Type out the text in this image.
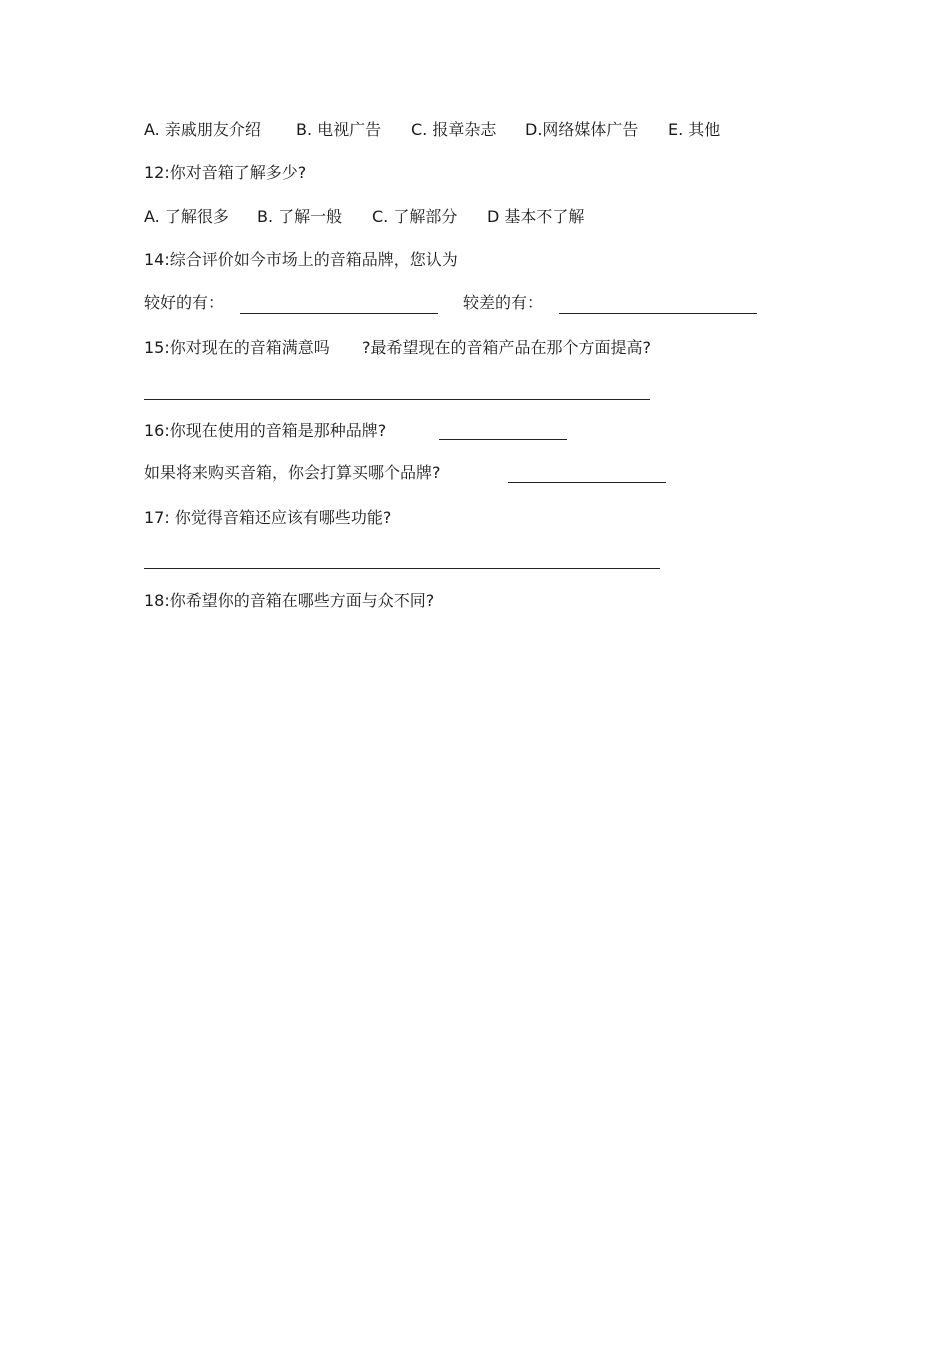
A. 亲戚朋友介绍 B. 电视广告 C. 报章杂志 D.网络媒体广告 E. 其他
12:你对音箱了解多少?
A. 了解很多 B. 了解一般 C. 了解部分 D 基本不了解
14:综合评价如今市场上的音箱品牌，您认为
较好的有：	较差的有：
15:你对现在的音箱满意吗 ?最希望现在的音箱产品在那个方面提高?
16:你现在使用的音箱是那种品牌?
如果将来购买音箱，你会打算买哪个品牌?
17: 你觉得音箱还应该有哪些功能?
18:你希望你的音箱在哪些方面与众不同?
